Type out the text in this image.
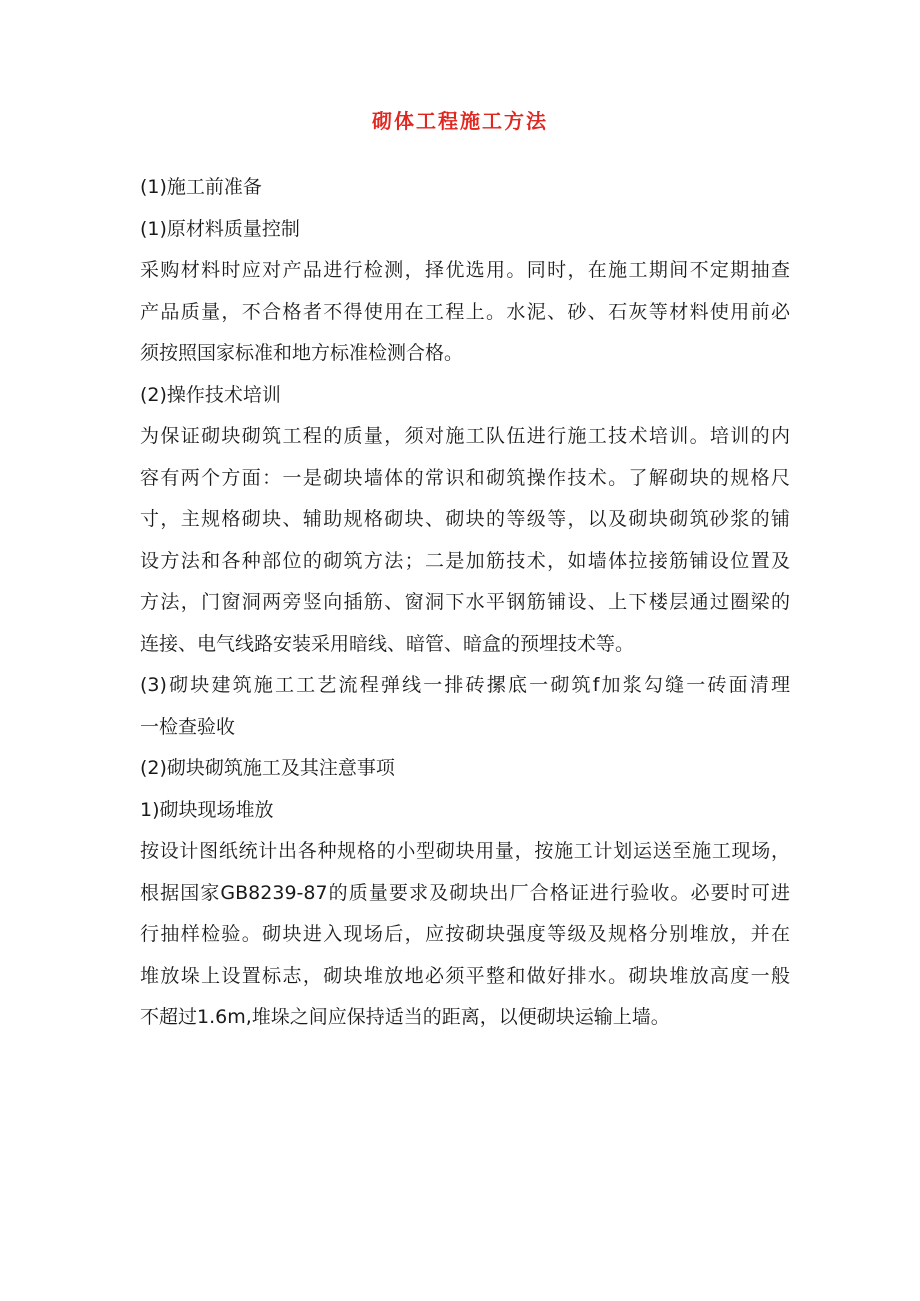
砌体工程施工方法
(1)施工前准备
(1)原材料质量控制
采购材料时应对产品进行检测，择优选用。同时，在施工期间不定期抽查
产品质量，不合格者不得使用在工程上。水泥、砂、石灰等材料使用前必
须按照国家标准和地方标准检测合格。
(2)操作技术培训
为保证砌块砌筑工程的质量，须对施工队伍进行施工技术培训。培训的内
容有两个方面：一是砌块墙体的常识和砌筑操作技术。了解砌块的规格尺
寸，主规格砌块、辅助规格砌块、砌块的等级等，以及砌块砌筑砂浆的铺
设方法和各种部位的砌筑方法；二是加筋技术，如墙体拉接筋铺设位置及
方法，门窗洞两旁竖向插筋、窗洞下水平钢筋铺设、上下楼层通过圈梁的
连接、电气线路安装采用暗线、暗管、暗盒的预埋技术等。
(3)砌块建筑施工工艺流程弹线一排砖摞底一砌筑f加浆勾缝一砖面清理
一检查验收
(2)砌块砌筑施工及其注意事项
1)砌块现场堆放
按设计图纸统计出各种规格的小型砌块用量，按施工计划运送至施工现场，
根据国家GB8239-87的质量要求及砌块出厂合格证进行验收。必要时可进
行抽样检验。砌块进入现场后，应按砌块强度等级及规格分别堆放，并在
堆放垛上设置标志，砌块堆放地必须平整和做好排水。砌块堆放高度一般
不超过1.6m,堆垛之间应保持适当的距离，以便砌块运输上墙。
